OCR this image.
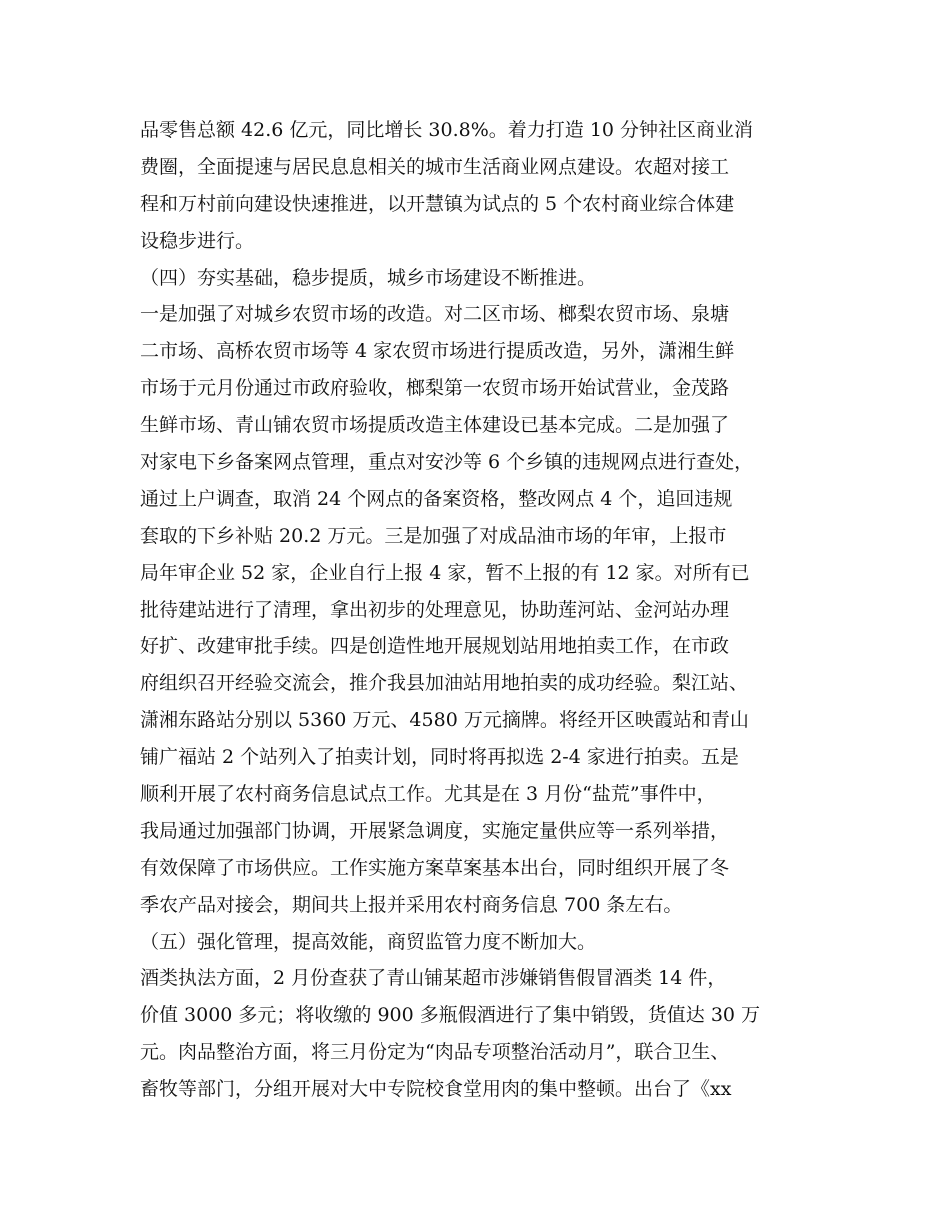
品零售总额 42.6 亿元，同比增长 30.8%。着力打造 10 分钟社区商业消
费圈，全面提速与居民息息相关的城市生活商业网点建设。农超对接工
程和万村前向建设快速推进，以开慧镇为试点的 5 个农村商业综合体建
设稳步进行。
（四）夯实基础，稳步提质，城乡市场建设不断推进。
一是加强了对城乡农贸市场的改造。对二区市场、榔梨农贸市场、泉塘
二市场、高桥农贸市场等 4 家农贸市场进行提质改造，另外，潇湘生鲜
市场于元月份通过市政府验收，榔梨第一农贸市场开始试营业，金茂路
生鲜市场、青山铺农贸市场提质改造主体建设已基本完成。二是加强了
对家电下乡备案网点管理，重点对安沙等 6 个乡镇的违规网点进行查处，
通过上户调查，取消 24 个网点的备案资格，整改网点 4 个，追回违规
套取的下乡补贴 20.2 万元。三是加强了对成品油市场的年审，上报市
局年审企业 52 家，企业自行上报 4 家，暂不上报的有 12 家。对所有已
批待建站进行了清理，拿出初步的处理意见，协助莲河站、金河站办理
好扩、改建审批手续。四是创造性地开展规划站用地拍卖工作，在市政
府组织召开经验交流会，推介我县加油站用地拍卖的成功经验。梨江站、
潇湘东路站分别以 5360 万元、4580 万元摘牌。将经开区映霞站和青山
铺广福站 2 个站列入了拍卖计划，同时将再拟选 2-4 家进行拍卖。五是
顺利开展了农村商务信息试点工作。尤其是在 3 月份“盐荒”事件中，
我局通过加强部门协调，开展紧急调度，实施定量供应等一系列举措，
有效保障了市场供应。工作实施方案草案基本出台，同时组织开展了冬
季农产品对接会，期间共上报并采用农村商务信息 700 条左右。
（五）强化管理，提高效能，商贸监管力度不断加大。
酒类执法方面，2 月份查获了青山铺某超市涉嫌销售假冒酒类 14 件，
价值 3000 多元；将收缴的 900 多瓶假酒进行了集中销毁，货值达 30 万
元。肉品整治方面，将三月份定为“肉品专项整治活动月”，联合卫生、
畜牧等部门，分组开展对大中专院校食堂用肉的集中整顿。出台了《xx
